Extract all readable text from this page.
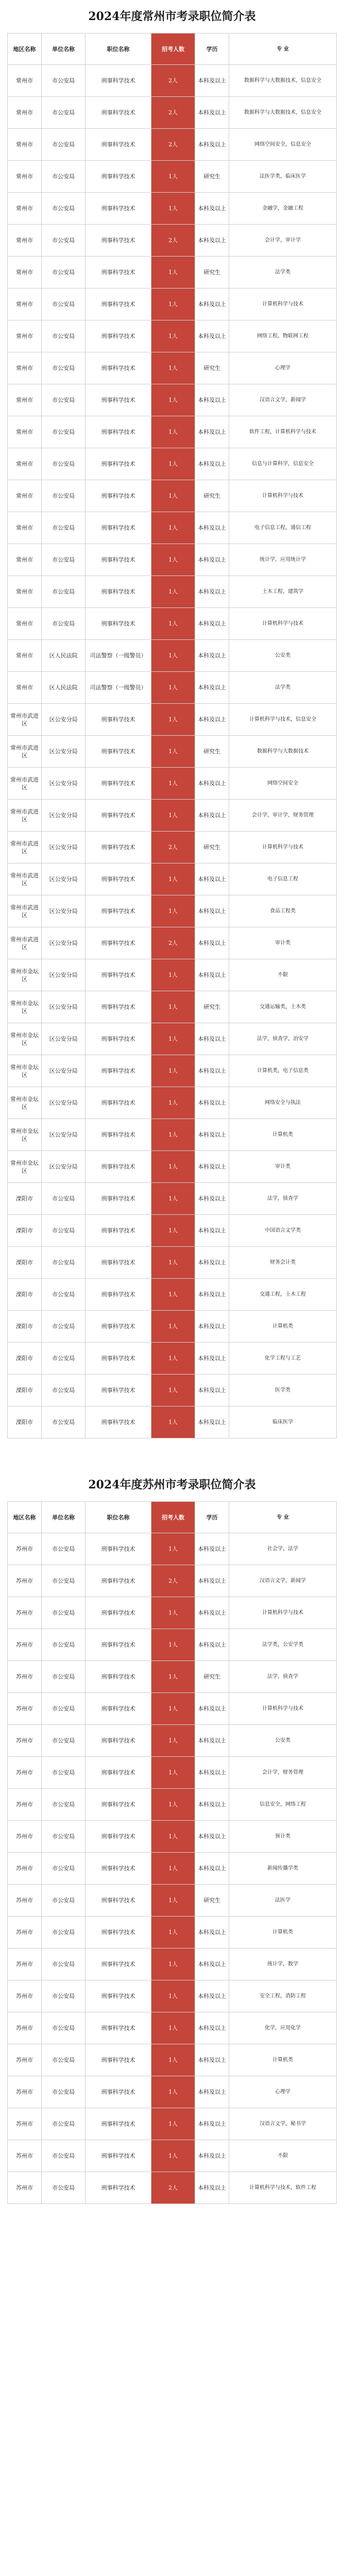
2024年度常州市考录职位简介表
地区名称	单位名称	职位名称	招考人数	学历	专 业
常州市	市公安局	刑事科学技术	2人	本科及以上	数据科学与大数据技术，信息安全
常州市	市公安局	刑事科学技术	2人	本科及以上	数据科学与大数据技术，信息安全
常州市	市公安局	刑事科学技术	2人	本科及以上	网络空间安全，信息安全
常州市	市公安局	刑事科学技术	1人	研究生	法医学类，临床医学
常州市	市公安局	刑事科学技术	1人	本科及以上	金融学，金融工程
常州市	市公安局	刑事科学技术	2人	本科及以上	会计学，审计学
常州市	市公安局	刑事科学技术	1人	研究生	法学类
常州市	市公安局	刑事科学技术	1人	本科及以上	计算机科学与技术
常州市	市公安局	刑事科学技术	1人	本科及以上	网络工程，物联网工程
常州市	市公安局	刑事科学技术	1人	研究生	心理学
常州市	市公安局	刑事科学技术	1人	本科及以上	汉语言文学，新闻学
常州市	市公安局	刑事科学技术	1人	本科及以上	软件工程，计算机科学与技术
常州市	市公安局	刑事科学技术	1人	本科及以上	信息与计算科学，信息安全
常州市	市公安局	刑事科学技术	1人	研究生	计算机科学与技术
常州市	市公安局	刑事科学技术	1人	本科及以上	电子信息工程，通信工程
常州市	市公安局	刑事科学技术	1人	本科及以上	统计学，应用统计学
常州市	市公安局	刑事科学技术	1人	本科及以上	土木工程，建筑学
常州市	市公安局	刑事科学技术	1人	本科及以上	计算机科学与技术
常州市	区人民法院	司法警察（一级警员）	1人	本科及以上	公安类
常州市	区人民法院	司法警察（一级警员）	1人	本科及以上	法学类
常州市武进区	区公安分局	刑事科学技术	1人	本科及以上	计算机科学与技术，信息安全
常州市武进区	区公安分局	刑事科学技术	1人	研究生	数据科学与大数据技术
常州市武进区	区公安分局	刑事科学技术	1人	本科及以上	网络空间安全
常州市武进区	区公安分局	刑事科学技术	1人	本科及以上	会计学，审计学，财务管理
常州市武进区	区公安分局	刑事科学技术	2人	研究生	计算机科学与技术
常州市武进区	区公安分局	刑事科学技术	1人	本科及以上	电子信息工程
常州市武进区	区公安分局	刑事科学技术	1人	本科及以上	食品工程类
常州市武进区	区公安分局	刑事科学技术	2人	本科及以上	审计类
常州市金坛区	区公安分局	刑事科学技术	1人	本科及以上	不限
常州市金坛区	区公安分局	刑事科学技术	1人	研究生	交通运输类，土木类
常州市金坛区	区公安分局	刑事科学技术	1人	本科及以上	法学，侦查学，治安学
常州市金坛区	区公安分局	刑事科学技术	1人	本科及以上	计算机类，电子信息类
常州市金坛区	区公安分局	刑事科学技术	1人	本科及以上	网络安全与执法
常州市金坛区	区公安分局	刑事科学技术	1人	本科及以上	计算机类
常州市金坛区	区公安分局	刑事科学技术	1人	本科及以上	审计类
溧阳市	市公安局	刑事科学技术	1人	本科及以上	法学，侦查学
溧阳市	市公安局	刑事科学技术	1人	本科及以上	中国语言文学类
溧阳市	市公安局	刑事科学技术	1人	本科及以上	财务会计类
溧阳市	市公安局	刑事科学技术	1人	本科及以上	交通工程，土木工程
溧阳市	市公安局	刑事科学技术	1人	本科及以上	计算机类
溧阳市	市公安局	刑事科学技术	1人	本科及以上	化学工程与工艺
溧阳市	市公安局	刑事科学技术	1人	本科及以上	医学类
溧阳市	市公安局	刑事科学技术	1人	本科及以上	临床医学
2024年度苏州市考录职位简介表
地区名称	单位名称	职位名称	招考人数	学历	专 业
苏州市	市公安局	刑事科学技术	1人	本科及以上	社会学，法学
苏州市	市公安局	刑事科学技术	2人	本科及以上	汉语言文学，新闻学
苏州市	市公安局	刑事科学技术	1人	本科及以上	计算机科学与技术
苏州市	市公安局	刑事科学技术	1人	本科及以上	法学类，公安学类
苏州市	市公安局	刑事科学技术	1人	研究生	法学，侦查学
苏州市	市公安局	刑事科学技术	1人	本科及以上	计算机科学与技术
苏州市	市公安局	刑事科学技术	1人	本科及以上	公安类
苏州市	市公安局	刑事科学技术	1人	本科及以上	会计学，财务管理
苏州市	市公安局	刑事科学技术	1人	本科及以上	信息安全，网络工程
苏州市	市公安局	刑事科学技术	1人	本科及以上	预计类
苏州市	市公安局	刑事科学技术	1人	本科及以上	新闻传播学类
苏州市	市公安局	刑事科学技术	1人	研究生	法医学
苏州市	市公安局	刑事科学技术	1人	本科及以上	计算机类
苏州市	市公安局	刑事科学技术	1人	本科及以上	统计学，数学
苏州市	市公安局	刑事科学技术	1人	本科及以上	安全工程，消防工程
苏州市	市公安局	刑事科学技术	1人	本科及以上	化学，应用化学
苏州市	市公安局	刑事科学技术	1人	本科及以上	计算机类
苏州市	市公安局	刑事科学技术	1人	本科及以上	心理学
苏州市	市公安局	刑事科学技术	1人	本科及以上	汉语言文学，秘书学
苏州市	市公安局	刑事科学技术	1人	本科及以上	不限
苏州市	市公安局	刑事科学技术	2人	本科及以上	计算机科学与技术，软件工程
